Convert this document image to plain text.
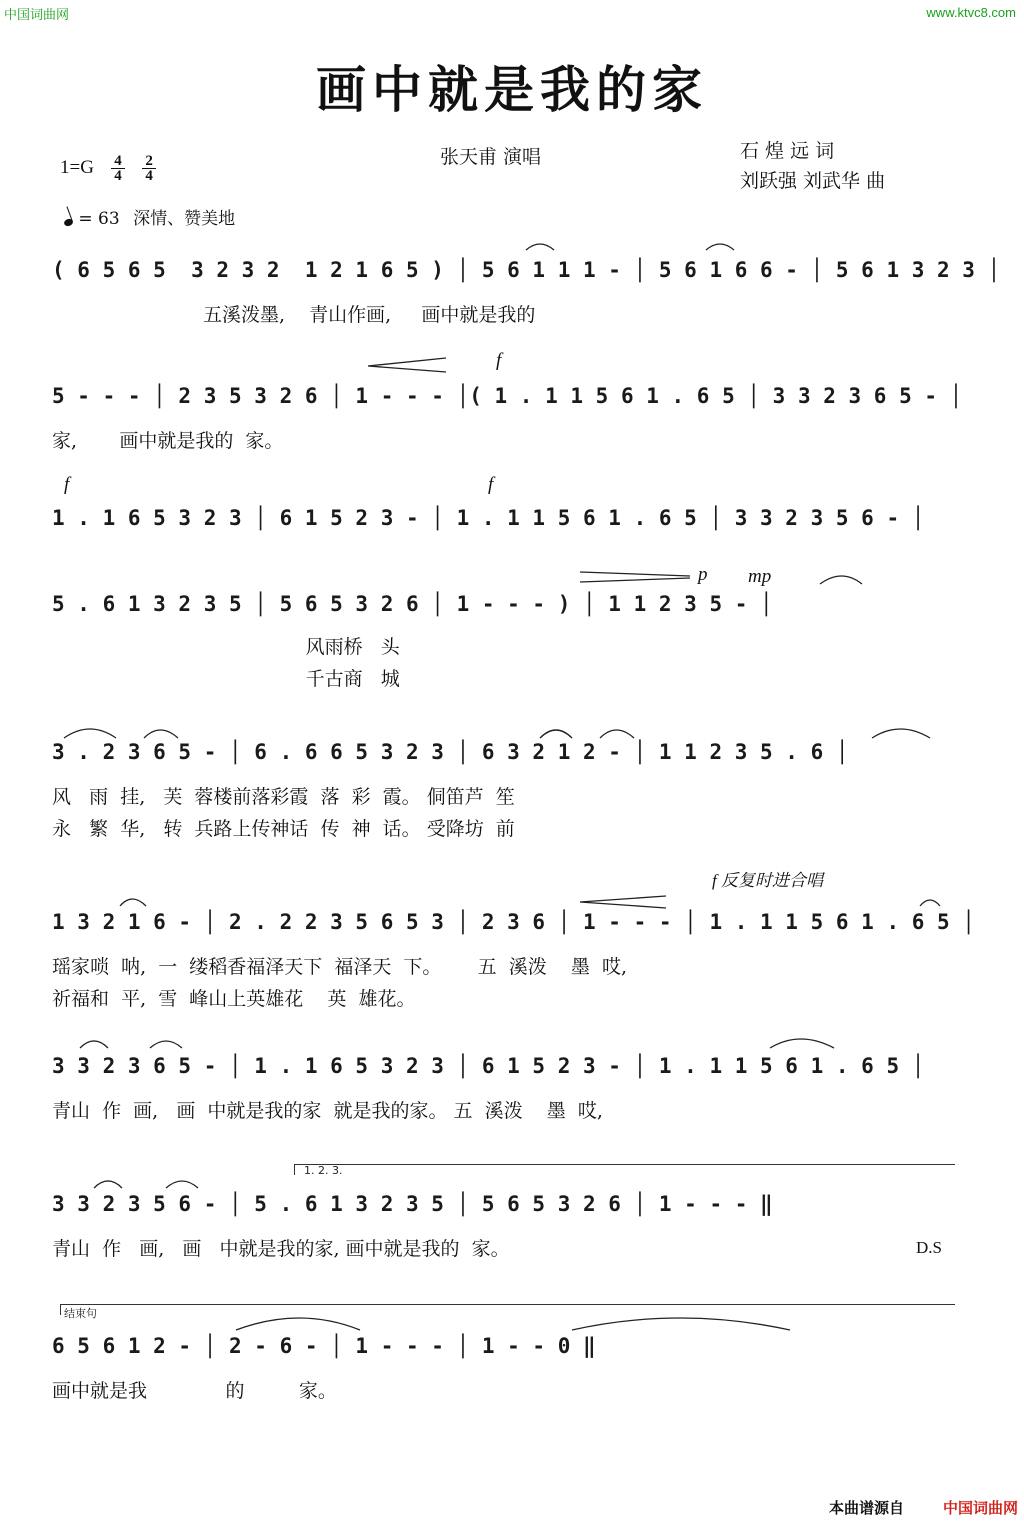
中国词曲网	www.ktvc8.com
画中就是我的家
张天甫 演唱	石 煌 远 词
刘跃强 刘武华 曲
$1=G \frac{4}{4}$
$\frac{2}{4}$
= 63 深情、赞美地
( 6 5 6 5  3 2 3 2  1 2 1 6 5 ) │ 5 6 1 1 1 - │ 5 6 1 6 6 - │ 5 6 1 3 2 3 │
五溪泼墨,    青山作画,     画中就是我的
5 - - - │ 2 3 5 3 2 6 │ 1 - - - │( 1 . 1 1 5 6 1 . 6 5 │ 3 3 2 3 6 5 - │
家,       画中就是我的  家。
1 . 1 6 5 3 2 3 │ 6 1 5 2 3 - │ 1 . 1 1 5 6 1 . 6 5 │ 3 3 2 3 5 6 - │
5 . 6 1 3 2 3 5 │ 5 6 5 3 2 6 │ 1 - - - ) │ 1 1 2 3 5 - │
风雨桥   头
千古商   城
3 . 2 3 6 5 - │ 6 . 6 6 5 3 2 3 │ 6 3 2 1 2 - │ 1 1 2 3 5 . 6 │
风   雨  挂,   芙  蓉楼前落彩霞  落  彩  霞。 侗笛芦  笙
永   繁  华,   转  兵路上传神话  传  神  话。 受降坊  前
1 3 2 1 6 - │ 2 . 2 2 3 5 6 5 3 │ 2 3 6 │ 1 - - - │ 1 . 1 1 5 6 1 . 6 5 │
瑶家唢  呐,  一  缕稻香福泽天下  福泽天  下。      五  溪泼    墨  哎,
祈福和  平,  雪  峰山上英雄花    英  雄花。
3 3 2 3 6 5 - │ 1 . 1 6 5 3 2 3 │ 6 1 5 2 3 - │ 1 . 1 1 5 6 1 . 6 5 │
青山  作  画,   画  中就是我的家  就是我的家。 五  溪泼    墨  哎,
3 3 2 3 5 6 - │ 5 . 6 1 3 2 3 5 │ 5 6 5 3 2 6 │ 1 - - - ‖
青山  作   画,   画   中就是我的家, 画中就是我的  家。
6 5 6 1 2 - │ 2 - 6 - │ 1 - - - │ 1 - - 0 ‖
画中就是我             的         家。
f
f	f
p mp
f 反复时进合唱
D.S
1. 2. 3.
结束句
本曲谱源自	中国词曲网
